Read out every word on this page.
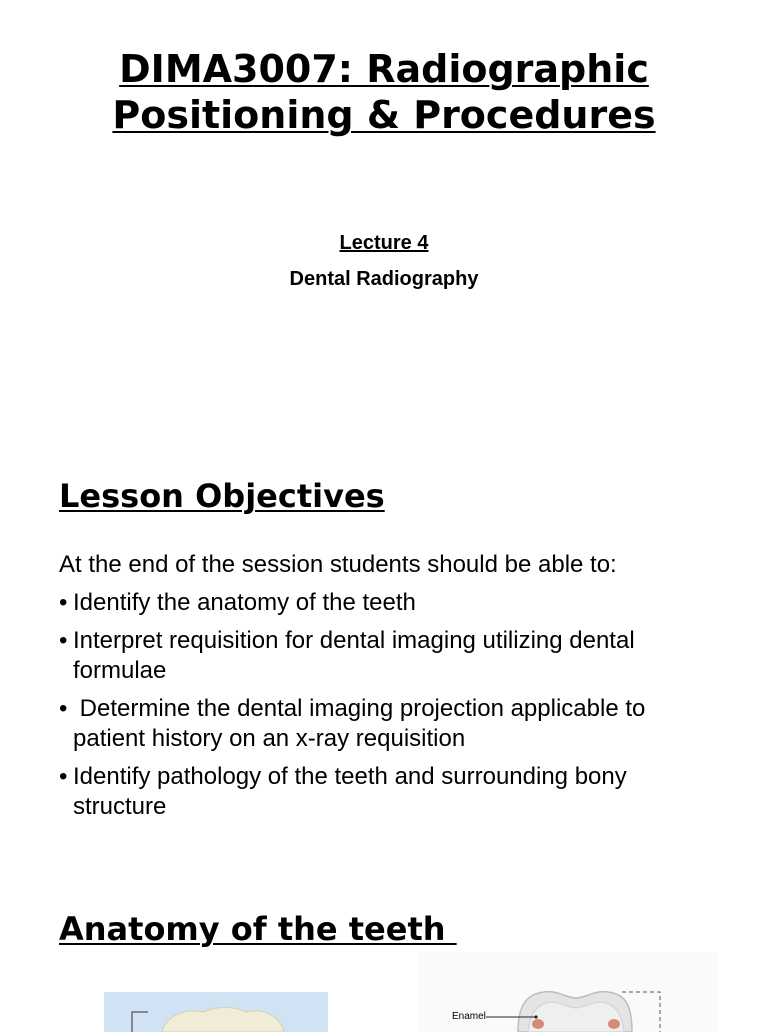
DIMA3007: Radiographic
Positioning & Procedures

Lecture 4

Dental Radiography

Lesson Objectives

At the end of the session students should be able to:

• Identify the anatomy of the teeth
• Interpret requisition for dental imaging utilizing dental formulae
•  Determine the dental imaging projection applicable to patient history on an x-ray requisition
• Identify pathology of the teeth and surrounding bony structure
Anatomy of the teeth
Enamel
